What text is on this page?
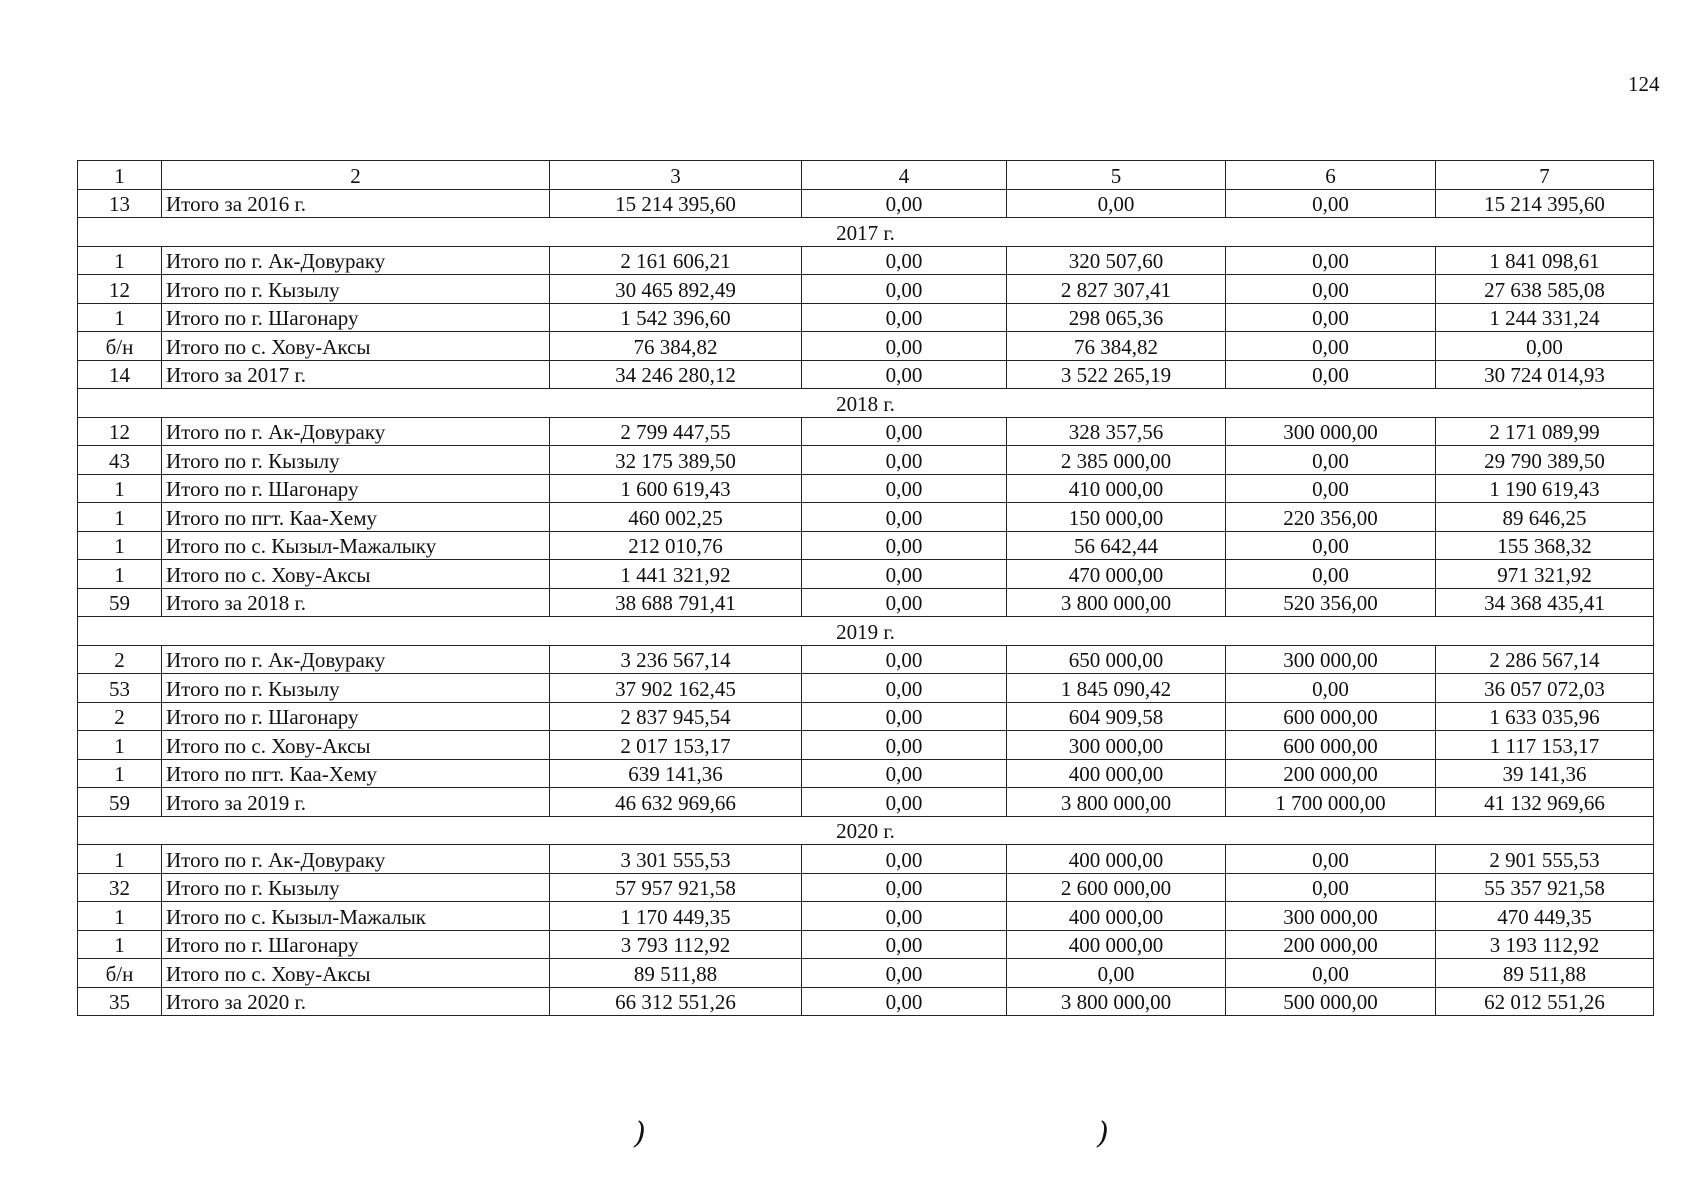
124
1	2	3	4	5	6	7
13	Итого за 2016 г.	15 214 395,60	0,00	0,00	0,00	15 214 395,60
2017 г.						
1	Итого по г. Ак-Довураку	2 161 606,21	0,00	320 507,60	0,00	1 841 098,61
12	Итого по г. Кызылу	30 465 892,49	0,00	2 827 307,41	0,00	27 638 585,08
1	Итого по г. Шагонару	1 542 396,60	0,00	298 065,36	0,00	1 244 331,24
б/н	Итого по с. Хову-Аксы	76 384,82	0,00	76 384,82	0,00	0,00
14	Итого за 2017 г.	34 246 280,12	0,00	3 522 265,19	0,00	30 724 014,93
2018 г.						
12	Итого по г. Ак-Довураку	2 799 447,55	0,00	328 357,56	300 000,00	2 171 089,99
43	Итого по г. Кызылу	32 175 389,50	0,00	2 385 000,00	0,00	29 790 389,50
1	Итого по г. Шагонару	1 600 619,43	0,00	410 000,00	0,00	1 190 619,43
1	Итого по пгт. Каа-Хему	460 002,25	0,00	150 000,00	220 356,00	89 646,25
1	Итого по с. Кызыл-Мажалыку	212 010,76	0,00	56 642,44	0,00	155 368,32
1	Итого по с. Хову-Аксы	1 441 321,92	0,00	470 000,00	0,00	971 321,92
59	Итого за 2018 г.	38 688 791,41	0,00	3 800 000,00	520 356,00	34 368 435,41
2019 г.						
2	Итого по г. Ак-Довураку	3 236 567,14	0,00	650 000,00	300 000,00	2 286 567,14
53	Итого по г. Кызылу	37 902 162,45	0,00	1 845 090,42	0,00	36 057 072,03
2	Итого по г. Шагонару	2 837 945,54	0,00	604 909,58	600 000,00	1 633 035,96
1	Итого по с. Хову-Аксы	2 017 153,17	0,00	300 000,00	600 000,00	1 117 153,17
1	Итого по пгт. Каа-Хему	639 141,36	0,00	400 000,00	200 000,00	39 141,36
59	Итого за 2019 г.	46 632 969,66	0,00	3 800 000,00	1 700 000,00	41 132 969,66
2020 г.						
1	Итого по г. Ак-Довураку	3 301 555,53	0,00	400 000,00	0,00	2 901 555,53
32	Итого по г. Кызылу	57 957 921,58	0,00	2 600 000,00	0,00	55 357 921,58
1	Итого по с. Кызыл-Мажалык	1 170 449,35	0,00	400 000,00	300 000,00	470 449,35
1	Итого по г. Шагонару	3 793 112,92	0,00	400 000,00	200 000,00	3 193 112,92
б/н	Итого по с. Хову-Аксы	89 511,88	0,00	0,00	0,00	89 511,88
35	Итого за 2020 г.	66 312 551,26	0,00	3 800 000,00	500 000,00	62 012 551,26
)	)
